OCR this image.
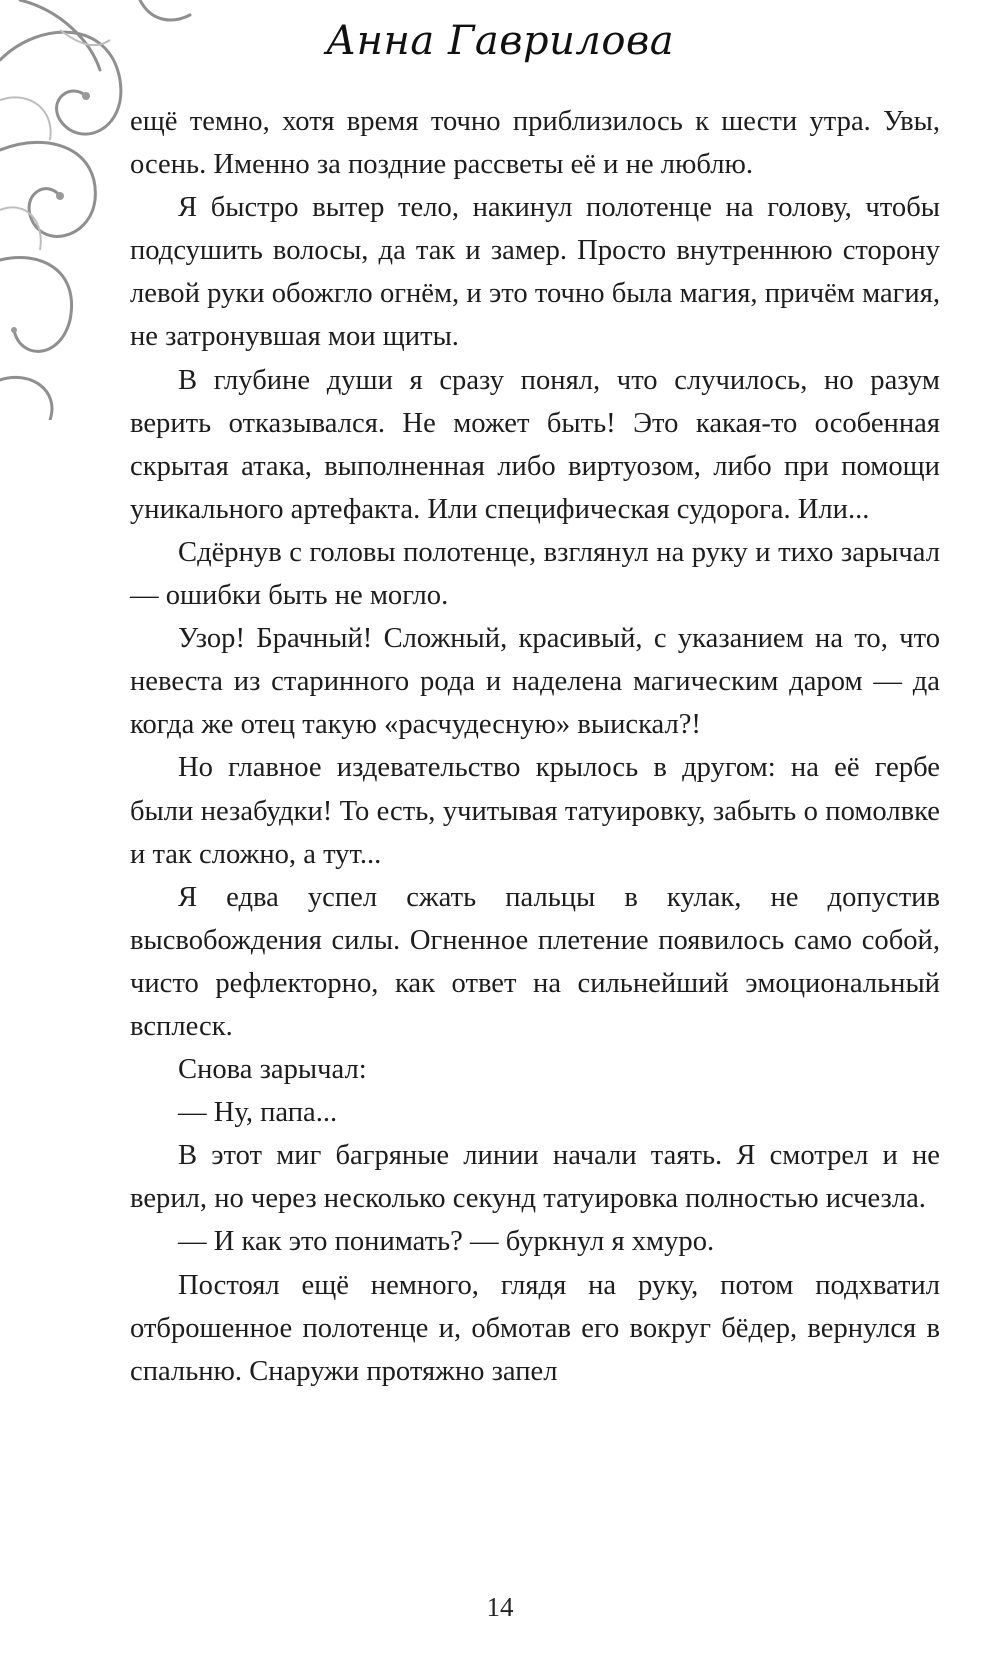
Анна Гаврилова

ещё темно, хотя время точно приблизилось к шести утра. Увы, осень. Именно за поздние рассветы её и не люблю.

Я быстро вытер тело, накинул полотенце на голову, чтобы подсушить волосы, да так и замер. Просто внутреннюю сторону левой руки обожгло огнём, и это точно была магия, причём магия, не затронувшая мои щиты.

В глубине души я сразу понял, что случилось, но разум верить отказывался. Не может быть! Это какая-то особенная скрытая атака, выполненная либо виртуозом, либо при помощи уникального артефакта. Или специфическая судорога. Или...

Сдёрнув с головы полотенце, взглянул на руку и тихо зарычал — ошибки быть не могло.

Узор! Брачный! Сложный, красивый, с указанием на то, что невеста из старинного рода и наделена магическим даром — да когда же отец такую «расчудесную» выискал?!

Но главное издевательство крылось в другом: на её гербе были незабудки! То есть, учитывая татуировку, забыть о помолвке и так сложно, а тут...

Я едва успел сжать пальцы в кулак, не допустив высвобождения силы. Огненное плетение появилось само собой, чисто рефлекторно, как ответ на сильнейший эмоциональный всплеск.

Снова зарычал:

— Ну, папа...

В этот миг багряные линии начали таять. Я смотрел и не верил, но через несколько секунд татуировка полностью исчезла.

— И как это понимать? — буркнул я хмуро.

Постоял ещё немного, глядя на руку, потом подхватил отброшенное полотенце и, обмотав его вокруг бёдер, вернулся в спальню. Снаружи протяжно запел

14
